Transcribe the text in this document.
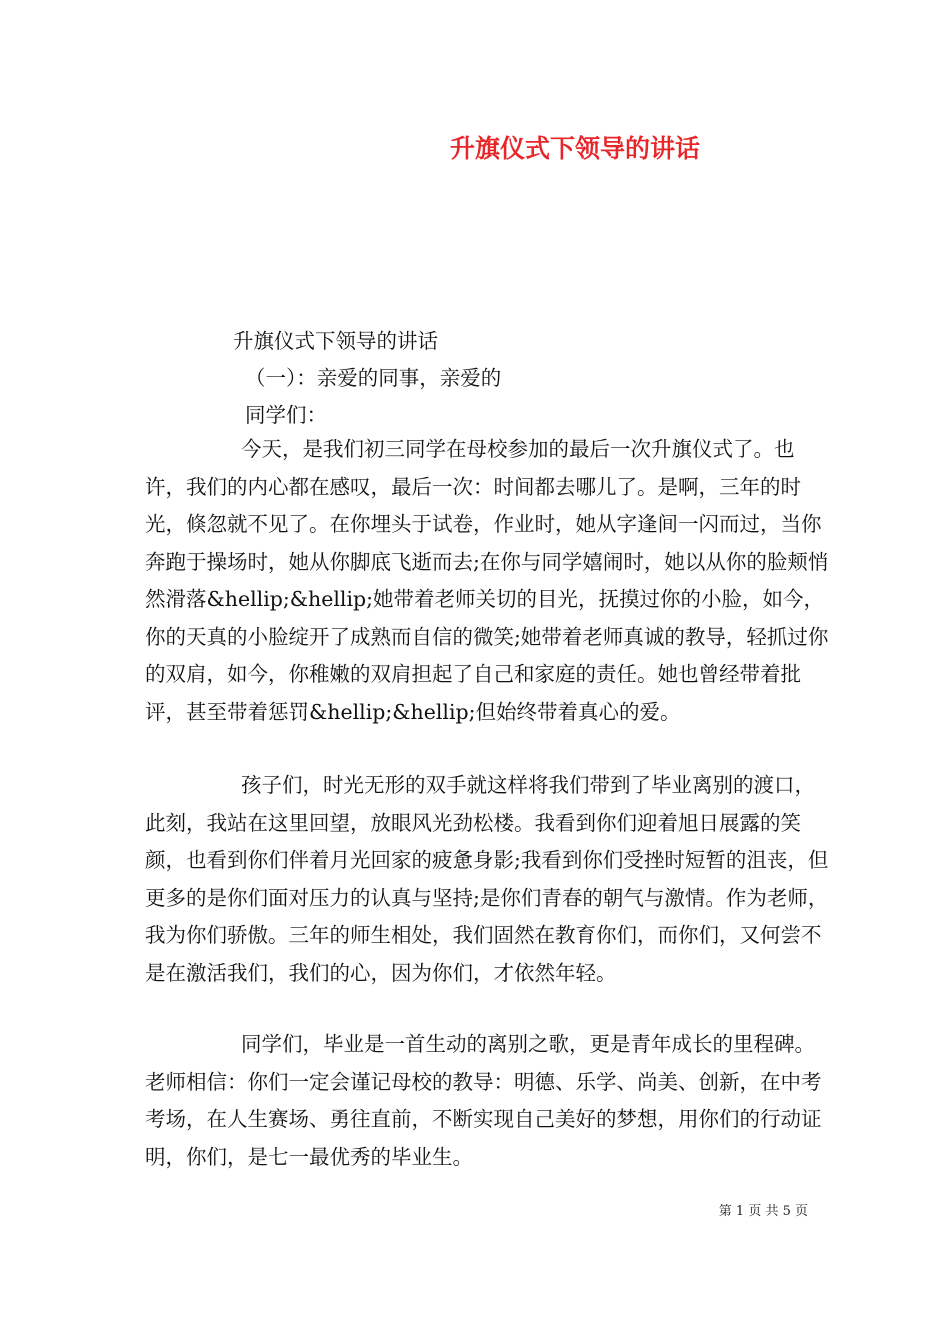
升旗仪式下领导的讲话
升旗仪式下领导的讲话
（一）：亲爱的同事，亲爱的
同学们：

今天，是我们初三同学在母校参加的最后一次升旗仪式了。也许，我们的内心都在感叹，最后一次：时间都去哪儿了。是啊，三年的时光，倏忽就不见了。在你埋头于试卷，作业时，她从字逢间一闪而过，当你奔跑于操场时，她从你脚底飞逝而去;在你与同学嬉闹时，她以从你的脸颊悄然滑落&hellip;&hellip;她带着老师关切的目光，抚摸过你的小脸，如今，你的天真的小脸绽开了成熟而自信的微笑;她带着老师真诚的教导，轻抓过你的双肩，如今，你稚嫩的双肩担起了自己和家庭的责任。她也曾经带着批评，甚至带着惩罚&hellip;&hellip;但始终带着真心的爱。

孩子们，时光无形的双手就这样将我们带到了毕业离别的渡口，此刻，我站在这里回望，放眼风光劲松楼。我看到你们迎着旭日展露的笑颜，也看到你们伴着月光回家的疲惫身影;我看到你们受挫时短暂的沮丧，但更多的是你们面对压力的认真与坚持;是你们青春的朝气与激情。作为老师，我为你们骄傲。三年的师生相处，我们固然在教育你们，而你们，又何尝不是在激活我们，我们的心，因为你们，才依然年轻。

同学们，毕业是一首生动的离别之歌，更是青年成长的里程碑。老师相信：你们一定会谨记母校的教导：明德、乐学、尚美、创新，在中考考场，在人生赛场、勇往直前，不断实现自己美好的梦想，用你们的行动证明，你们，是七一最优秀的毕业生。

第 1 页 共 5 页
